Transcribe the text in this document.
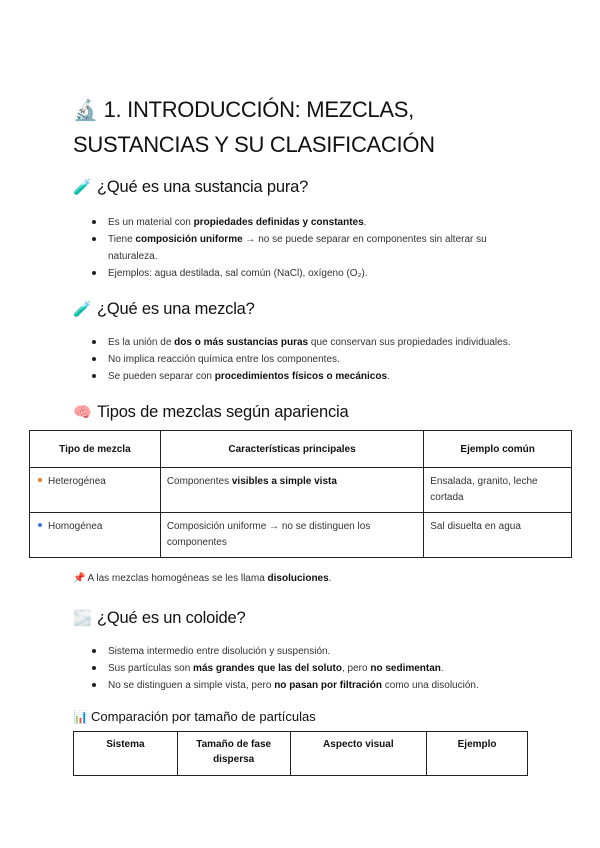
🔬 1. INTRODUCCIÓN: MEZCLAS, SUSTANCIAS Y SU CLASIFICACIÓN
🧪 ¿Qué es una sustancia pura?
Es un material con propiedades definidas y constantes.
Tiene composición uniforme → no se puede separar en componentes sin alterar su naturaleza.
Ejemplos: agua destilada, sal común (NaCl), oxígeno (O₂).
🧪 ¿Qué es una mezcla?
Es la unión de dos o más sustancias puras que conservan sus propiedades individuales.
No implica reacción química entre los componentes.
Se pueden separar con procedimientos físicos o mecánicos.
🧠 Tipos de mezclas según apariencia
Tipo de mezcla	Características principales	Ejemplo común
Heterogénea	Componentes visibles a simple vista	Ensalada, granito, leche cortada
Homogénea	Composición uniforme → no se distinguen los componentes	Sal disuelta en agua
📌 A las mezclas homogéneas se les llama disoluciones.
🌫️ ¿Qué es un coloide?
Sistema intermedio entre disolución y suspensión.
Sus partículas son más grandes que las del soluto, pero no sedimentan.
No se distinguen a simple vista, pero no pasan por filtración como una disolución.
📊 Comparación por tamaño de partículas
Sistema	Tamaño de fase dispersa	Aspecto visual	Ejemplo
